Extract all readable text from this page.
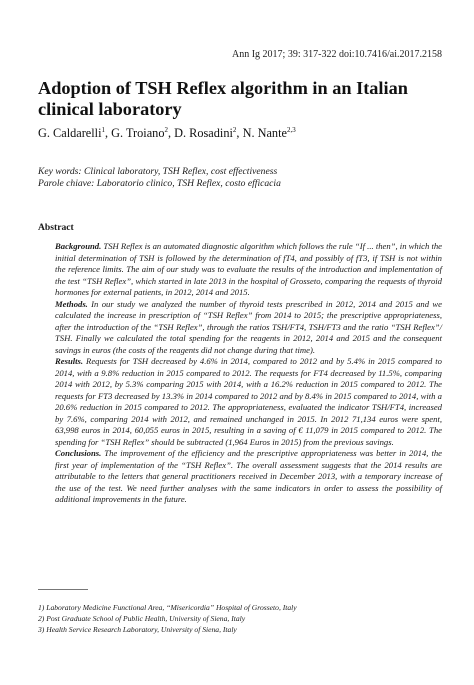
Ann Ig 2017; 39: 317-322 doi:10.7416/ai.2017.2158
Adoption of TSH Reflex algorithm in an Italian clinical laboratory
G. Caldarelli$^1$, G. Troiano$^2$, D. Rosadini$^2$, N. Nante$^{2,3}$
Key words: Clinical laboratory, TSH Reflex, cost effectiveness
Parole chiave: Laboratorio clinico, TSH Reflex, costo efficacia
Abstract

Background. TSH Reflex is an automated diagnostic algorithm which follows the rule “If ... then”, in which the initial determination of TSH is followed by the determination of fT4, and possibly of fT3, if TSH is not within the reference limits. The aim of our study was to evaluate the results of the introduction and implementation of the test “TSH Reflex”, which started in late 2013 in the hospital of Grosseto, comparing the requests of thyroid hormones for external patients, in 2012, 2014 and 2015.

Methods. In our study we analyzed the number of thyroid tests prescribed in 2012, 2014 and 2015 and we calculated the increase in prescription of “TSH Reflex” from 2014 to 2015; the prescriptive appropriateness, after the introduction of the “TSH Reflex”, through the ratios TSH/FT4, TSH/FT3 and the ratio “TSH Reflex”/ TSH. Finally we calculated the total spending for the reagents in 2012, 2014 and 2015 and the consequent savings in euros (the costs of the reagents did not change during that time).

Results. Requests for TSH decreased by 4.6% in 2014, compared to 2012 and by 5.4% in 2015 compared to 2014, with a 9.8% reduction in 2015 compared to 2012. The requests for FT4 decreased by 11.5%, comparing 2014 with 2012, by 5.3% comparing 2015 with 2014, with a 16.2% reduction in 2015 compared to 2012. The requests for FT3 decreased by 13.3% in 2014 compared to 2012 and by 8.4% in 2015 compared to 2014, with a 20.6% reduction in 2015 compared to 2012. The appropriateness, evaluated the indicator TSH/FT4, increased by 7.6%, comparing 2014 with 2012, and remained unchanged in 2015. In 2012 71,134 euros were spent, 63,998 euros in 2014, 60,055 euros in 2015, resulting in a saving of € 11,079 in 2015 compared to 2012. The spending for “TSH Reflex” should be subtracted (1,964 Euros in 2015) from the previous savings.

Conclusions. The improvement of the efficiency and the prescriptive appropriateness was better in 2014, the first year of implementation of the “TSH Reflex”. The overall assessment suggests that the 2014 results are attributable to the letters that general practitioners received in December 2013, with a temporary increase of the use of the test. We need further analyses with the same indicators in order to assess the possibility of additional improvements in the future.

1) Laboratory Medicine Functional Area, “Misericordia” Hospital of Grosseto, Italy
2) Post Graduate School of Public Health, University of Siena, Italy
3) Health Service Research Laboratory, University of Siena, Italy
